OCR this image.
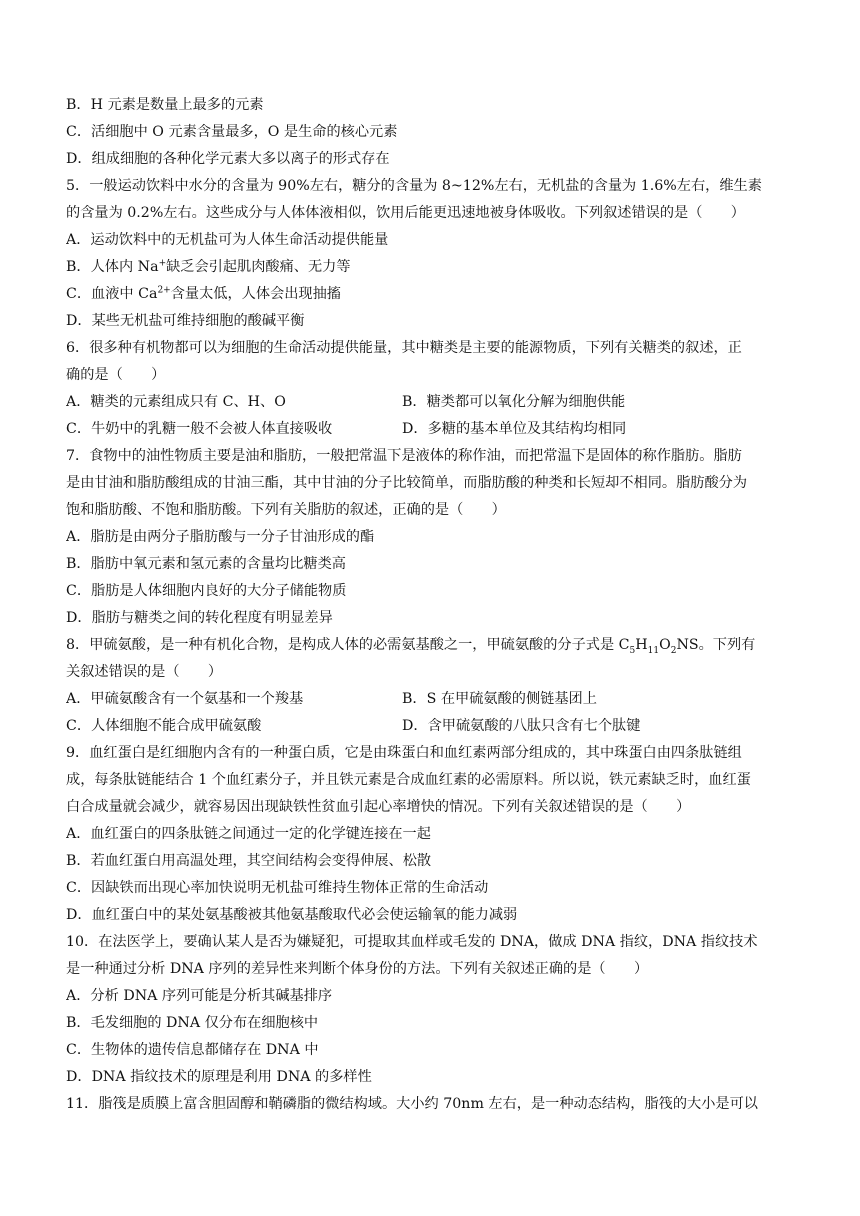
B．H 元素是数量上最多的元素
C．活细胞中 O 元素含量最多，O 是生命的核心元素
D．组成细胞的各种化学元素大多以离子的形式存在
5．一般运动饮料中水分的含量为 90%左右，糖分的含量为 8~12%左右，无机盐的含量为 1.6%左右，维生素
的含量为 0.2%左右。这些成分与人体体液相似，饮用后能更迅速地被身体吸收。下列叙述错误的是（　　）
A．运动饮料中的无机盐可为人体生命活动提供能量
B．人体内 Na+缺乏会引起肌肉酸痛、无力等
C．血液中 $Ca^{2+}$含量太低，人体会出现抽搐
D．某些无机盐可维持细胞的酸碱平衡
6．很多种有机物都可以为细胞的生命活动提供能量，其中糖类是主要的能源物质，下列有关糖类的叙述，正
确的是（　　）
A．糖类的元素组成只有 C、H、O	B．糖类都可以氧化分解为细胞供能
C．牛奶中的乳糖一般不会被人体直接吸收	D．多糖的基本单位及其结构均相同
7．食物中的油性物质主要是油和脂肪，一般把常温下是液体的称作油，而把常温下是固体的称作脂肪。脂肪
是由甘油和脂肪酸组成的甘油三酯，其中甘油的分子比较简单，而脂肪酸的种类和长短却不相同。脂肪酸分为
饱和脂肪酸、不饱和脂肪酸。下列有关脂肪的叙述，正确的是（　　）
A．脂肪是由两分子脂肪酸与一分子甘油形成的酯
B．脂肪中氧元素和氢元素的含量均比糖类高
C．脂肪是人体细胞内良好的大分子储能物质
D．脂肪与糖类之间的转化程度有明显差异
8．甲硫氨酸，是一种有机化合物，是构成人体的必需氨基酸之一，甲硫氨酸的分子式是 $C_5H_{11}O_2NS$。下列有
关叙述错误的是（　　）
A．甲硫氨酸含有一个氨基和一个羧基	B．S 在甲硫氨酸的侧链基团上
C．人体细胞不能合成甲硫氨酸	D．含甲硫氨酸的八肽只含有七个肽键
9．血红蛋白是红细胞内含有的一种蛋白质，它是由珠蛋白和血红素两部分组成的，其中珠蛋白由四条肽链组
成，每条肽链能结合 1 个血红素分子，并且铁元素是合成血红素的必需原料。所以说，铁元素缺乏时，血红蛋
白合成量就会减少，就容易因出现缺铁性贫血引起心率增快的情况。下列有关叙述错误的是（　　）
A．血红蛋白的四条肽链之间通过一定的化学键连接在一起
B．若血红蛋白用高温处理，其空间结构会变得伸展、松散
C．因缺铁而出现心率加快说明无机盐可维持生物体正常的生命活动
D．血红蛋白中的某处氨基酸被其他氨基酸取代必会使运输氧的能力减弱
10．在法医学上，要确认某人是否为嫌疑犯，可提取其血样或毛发的 DNA，做成 DNA 指纹，DNA 指纹技术
是一种通过分析 DNA 序列的差异性来判断个体身份的方法。下列有关叙述正确的是（　　）
A．分析 DNA 序列可能是分析其碱基排序
B．毛发细胞的 DNA 仅分布在细胞核中
C．生物体的遗传信息都储存在 DNA 中
D．DNA 指纹技术的原理是利用 DNA 的多样性
11．脂筏是质膜上富含胆固醇和鞘磷脂的微结构域。大小约 70nm 左右，是一种动态结构，脂筏的大小是可以
